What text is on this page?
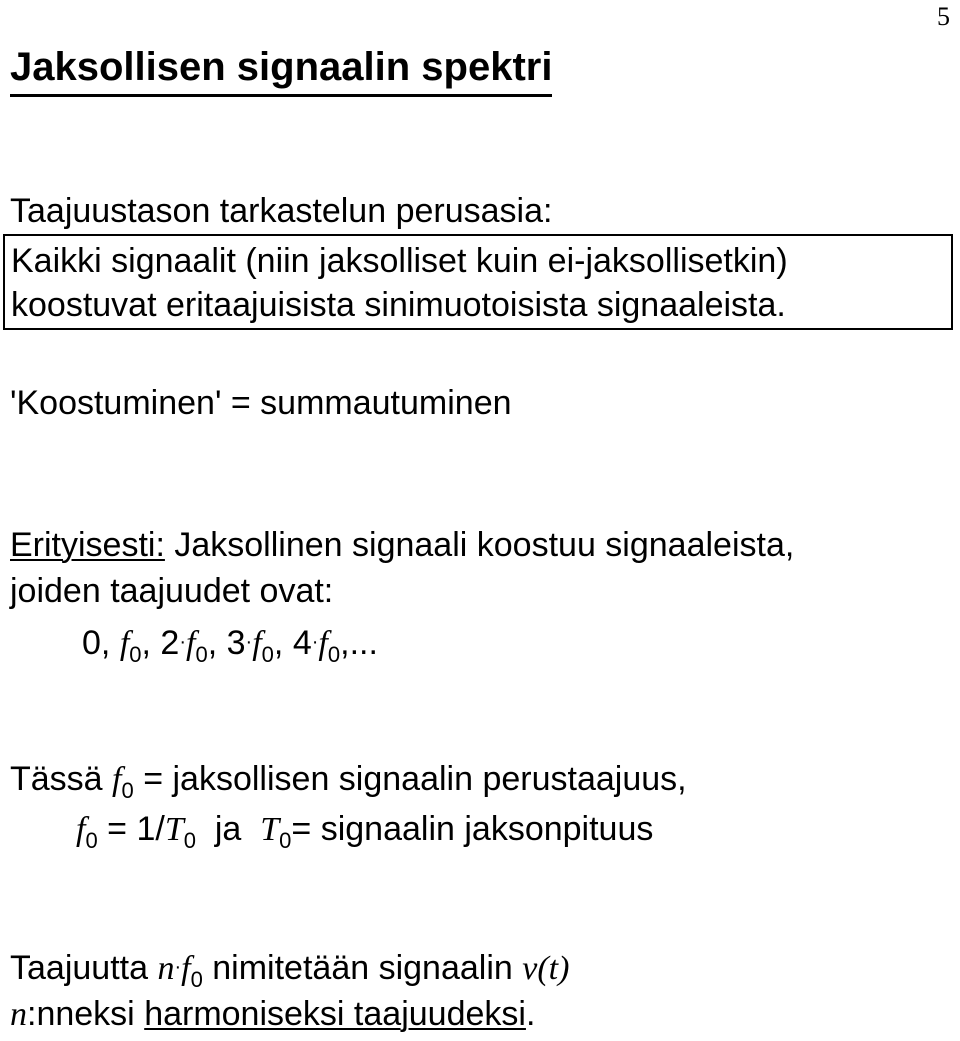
5
Jaksollisen signaalin spektri
Taajuustason tarkastelun perusasia:
Kaikki signaalit (niin jaksolliset kuin ei-jaksollisetkin)
koostuvat eritaajuisista sinimuotoisista signaaleista.
'Koostuminen' = summautuminen
Erityisesti: Jaksollinen signaali koostuu signaaleista,
joiden taajuudet ovat:
0, $f_0$, $2\cdot f_0$, $3\cdot f_0$, $4\cdot f_0$,...
Tässä $f_0$ = jaksollisen signaalin perustaajuus,
$f_0 = 1/T_0$  ja  $T_0=$ signaalin jaksonpituus
Taajuutta $n\cdot f_0$ nimitetään signaalin v(t)
n:nneksi harmoniseksi taajuudeksi.
